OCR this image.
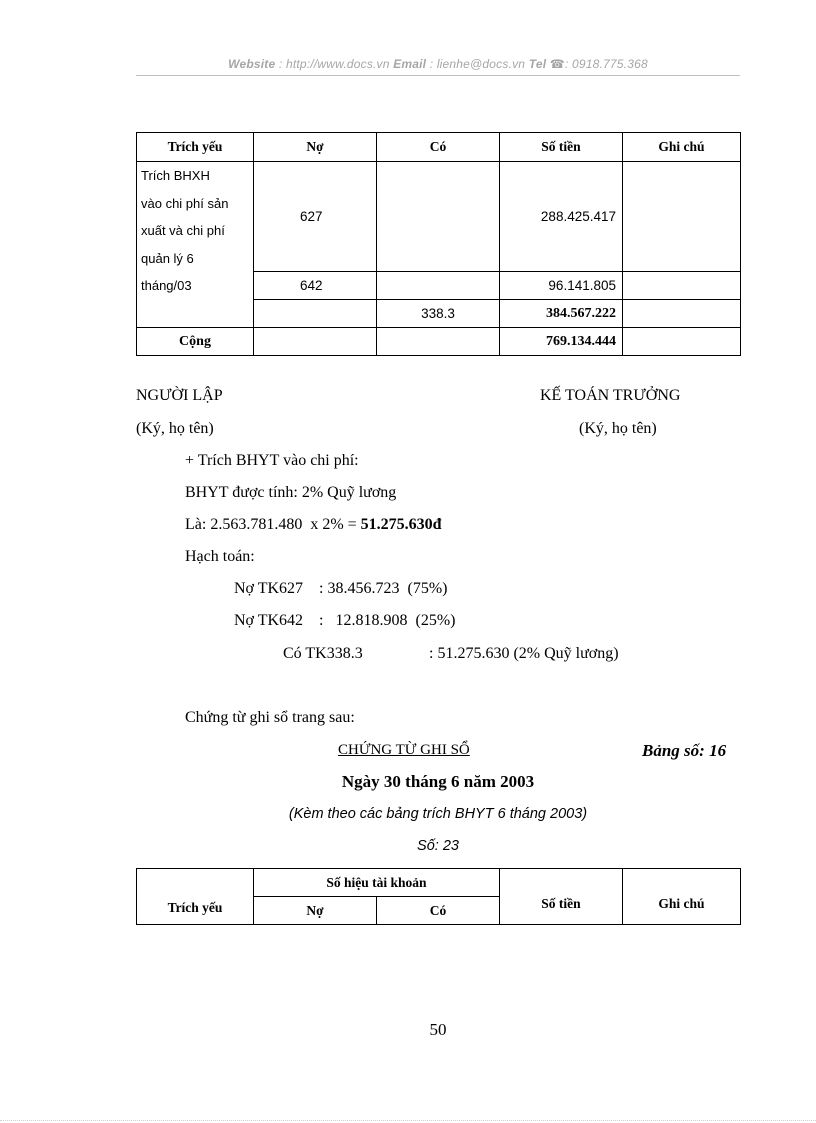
Website : http://www.docs.vn Email : lienhe@docs.vn Tel ☎: 0918.775.368
Trích yếu	Nợ	Có	Số tiền	Ghi chú

Trích BHXH
vào chi phí sản
xuất và chi phí
quản lý 6
tháng/03	627		288.425.417	
	642		96.141.805	
		338.3	384.567.222	
Cộng			769.134.444	
NGƯỜI LẬP
(Ký, họ tên)
KẾ TOÁN TRƯỞNG
(Ký, họ tên)
+ Trích BHYT vào chi phí:
BHYT được tính: 2% Quỹ lương
Là: 2.563.781.480  x 2% = 51.275.630đ
Hạch toán:
Nợ TK627    : 38.456.723  (75%)
Nợ TK642    :   12.818.908  (25%)
Có TK338.3	: 51.275.630 (2% Quỹ lương)
Chứng từ ghi sổ trang sau:
CHỨNG TỪ GHI SỔ	Bảng số: 16
Ngày 30 tháng 6 năm 2003
(Kèm theo các bảng trích BHYT 6 tháng 2003)
Số: 23
Trích yếu	Số hiệu tài khoản		Số tiền	Ghi chú
	Nợ	Có		
50
